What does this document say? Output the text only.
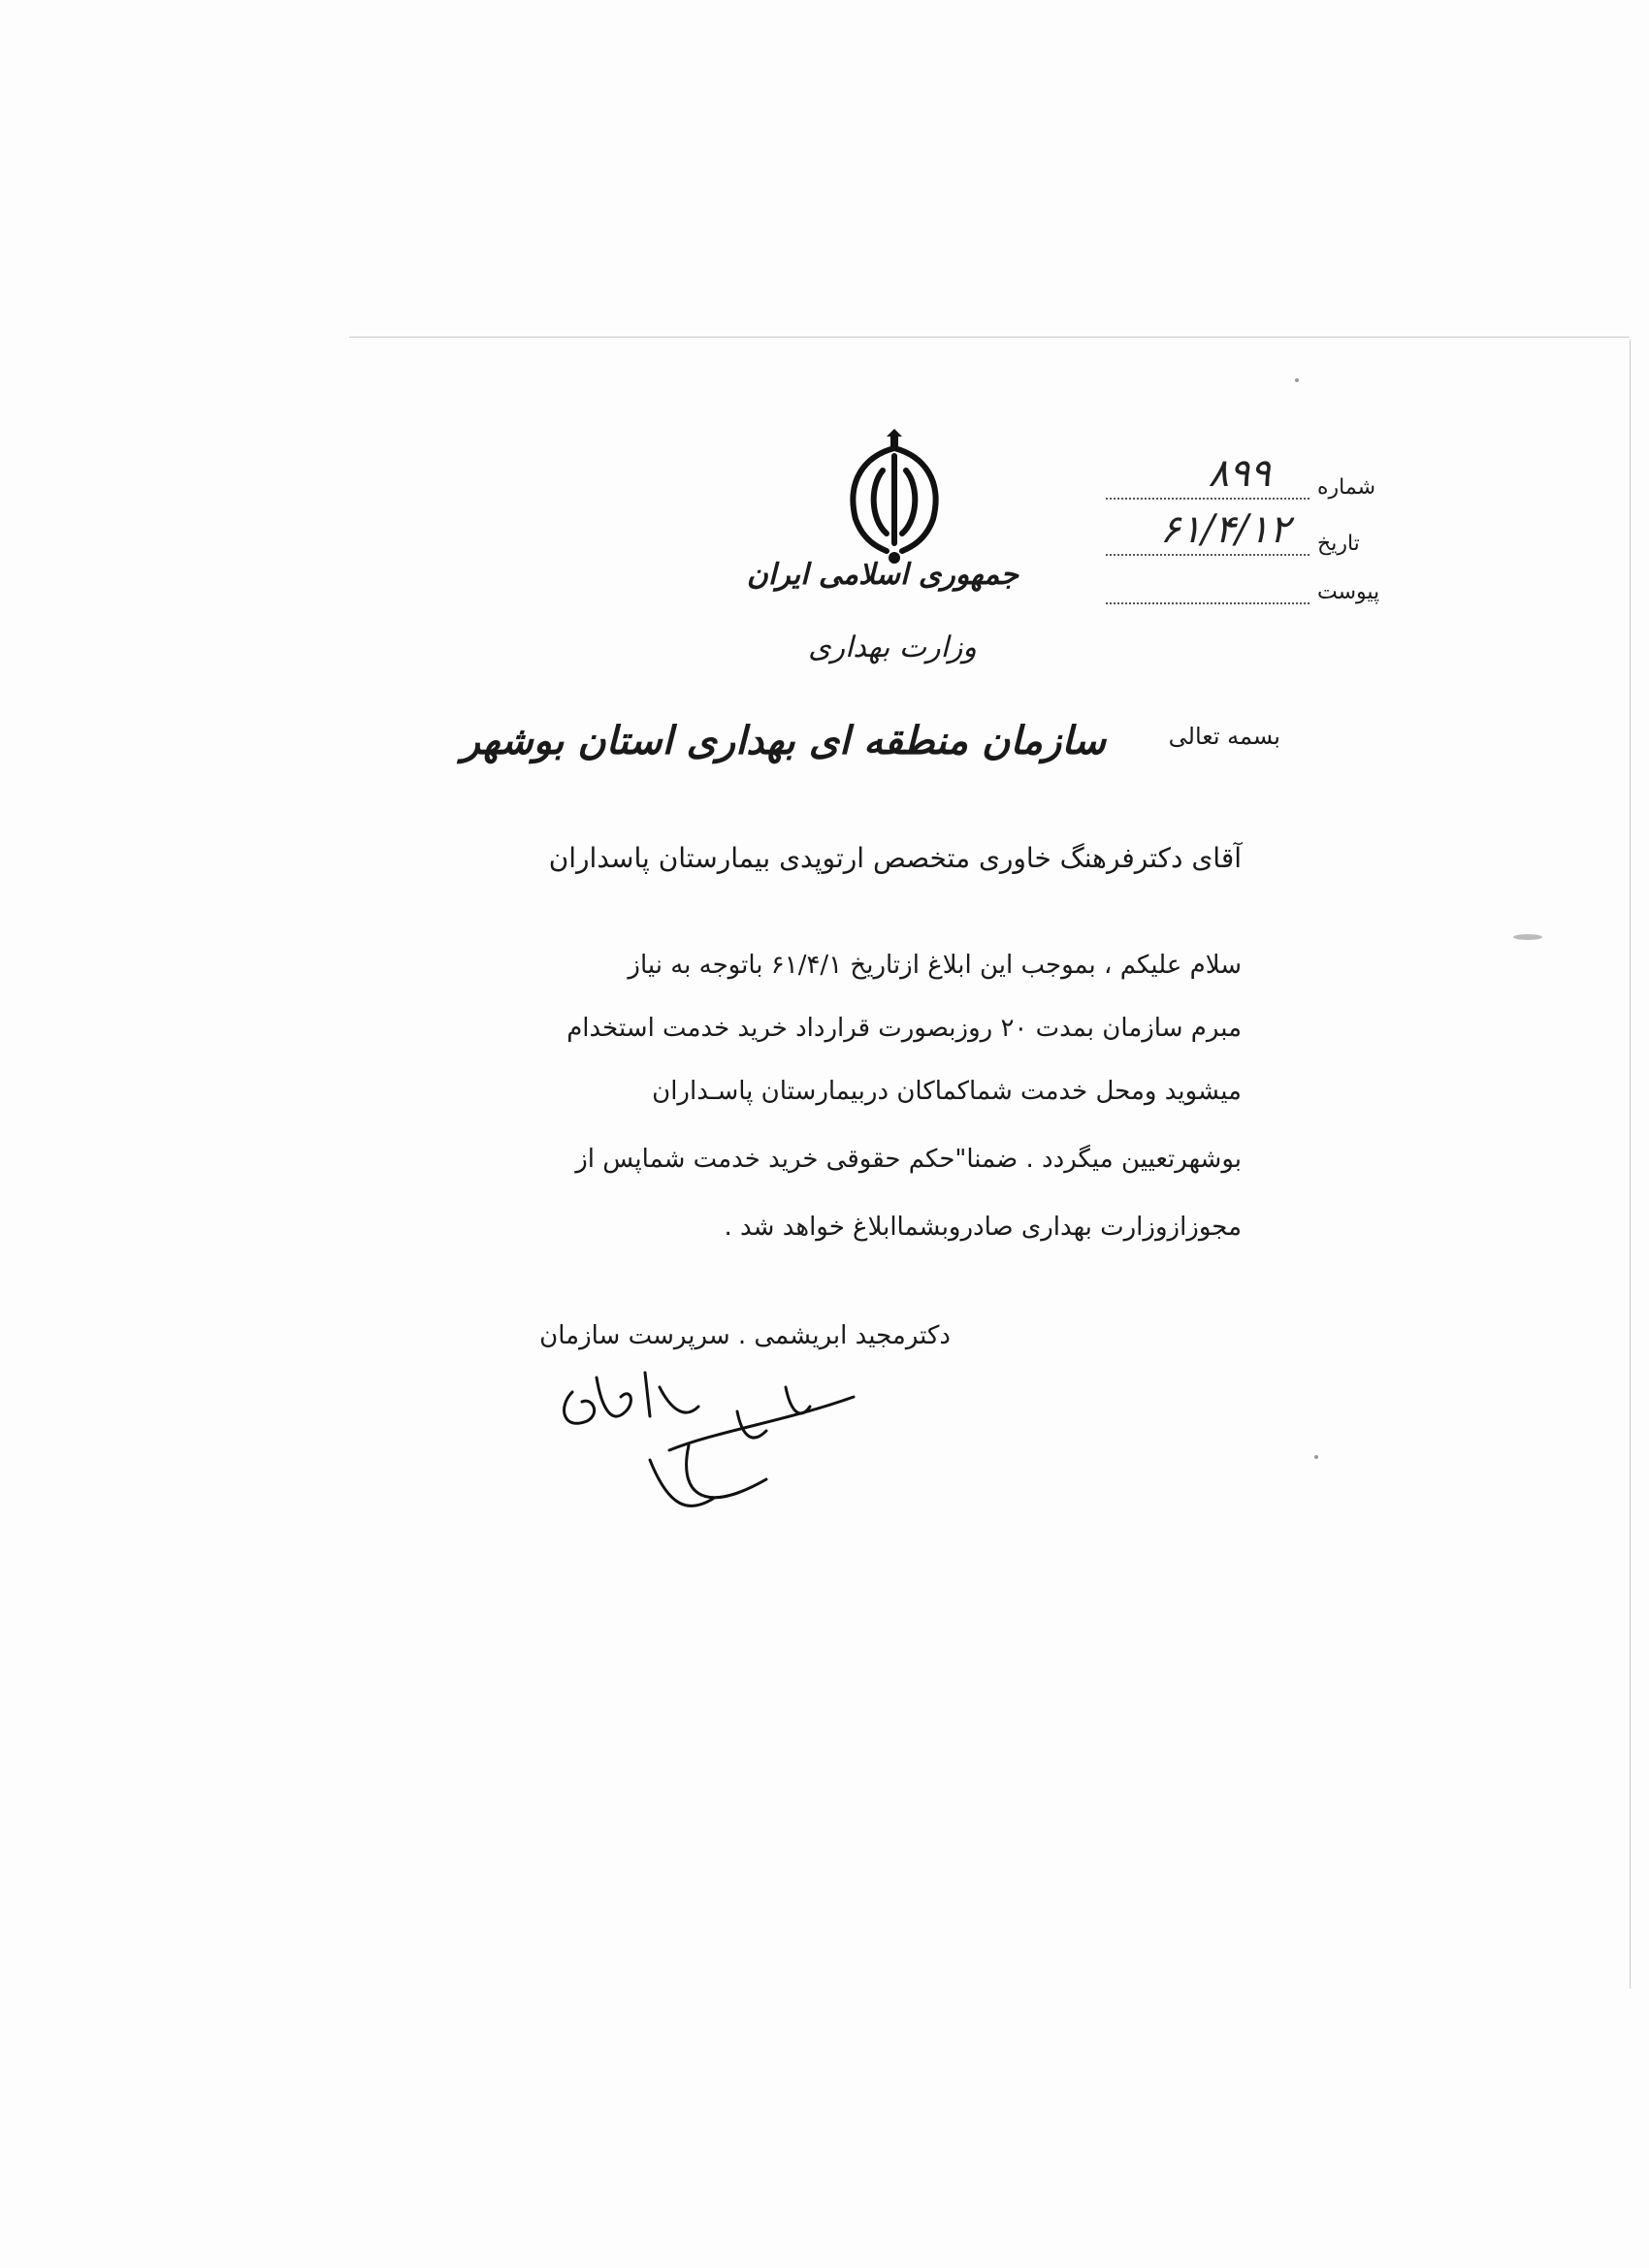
شماره
۸۹۹
تاریخ
۶۱/۴/۱۲
پیوست
جمهوری اسلامی ایران
وزارت بهداری
بسمه تعالی
سازمان منطقه ای بهداری استان بوشهر
آقای دکترفرهنگ خاوری متخصص ارتوپدی بیمارستان پاسداران
سلام علیکم ، بموجب این ابلاغ ازتاریخ ۶۱/۴/۱ باتوجه به نیاز
مبرم سازمان بمدت ۲۰ روزبصورت قرارداد خرید خدمت استخدام
میشوید ومحل خدمت شماکماکان دربیمارستان پاسـداران
بوشهرتعیین میگردد . ضمنا"حکم حقوقی خرید خدمت شماپس از
مجوزازوزارت بهداری صادروبشماابلاغ خواهد شد .
دکترمجید ابریشمی . سرپرست سازمان
